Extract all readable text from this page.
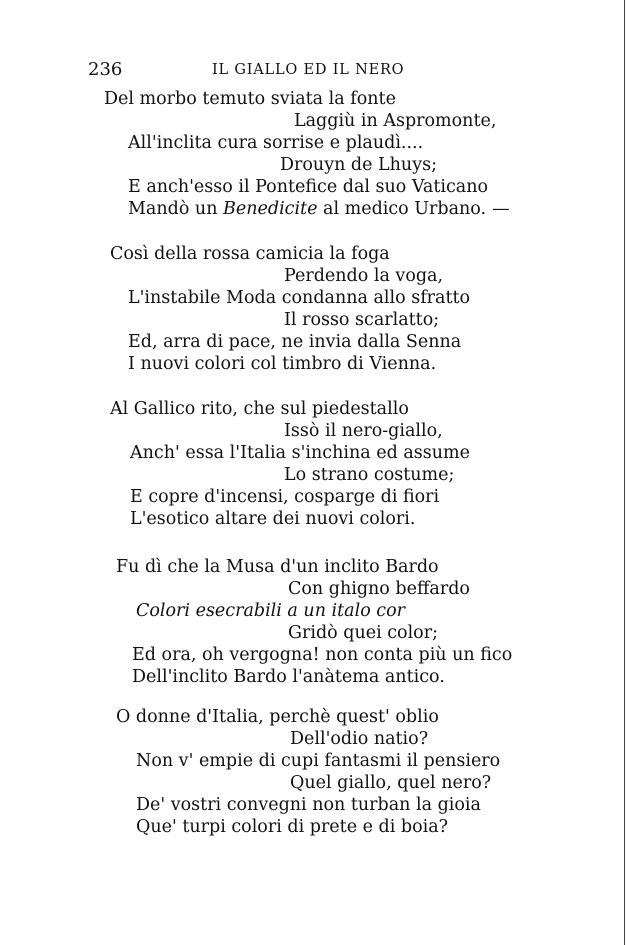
236	IL GIALLO ED IL NERO
Del morbo temuto sviata la fonte
Laggiù in Aspromonte,
All'inclita cura sorrise e plaudì....
Drouyn de Lhuys;
E anch'esso il Pontefice dal suo Vaticano
Mandò un Benedicite al medico Urbano. —
Così della rossa camicia la foga
Perdendo la voga,
L'instabile Moda condanna allo sfratto
Il rosso scarlatto;
Ed, arra di pace, ne invia dalla Senna
I nuovi colori col timbro di Vienna.
Al Gallico rito, che sul piedestallo
Issò il nero-giallo,
Anch' essa l'Italia s'inchina ed assume
Lo strano costume;
E copre d'incensi, cosparge di fiori
L'esotico altare dei nuovi colori.
Fu dì che la Musa d'un inclito Bardo
Con ghigno beffardo
Colori esecrabili a un italo cor
Gridò quei color;
Ed ora, oh vergogna! non conta più un fico
Dell'inclito Bardo l'anàtema antico.
O donne d'Italia, perchè quest' oblio
Dell'odio natio?
Non v' empie di cupi fantasmi il pensiero
Quel giallo, quel nero?
De' vostri convegni non turban la gioia
Que' turpi colori di prete e di boia?
